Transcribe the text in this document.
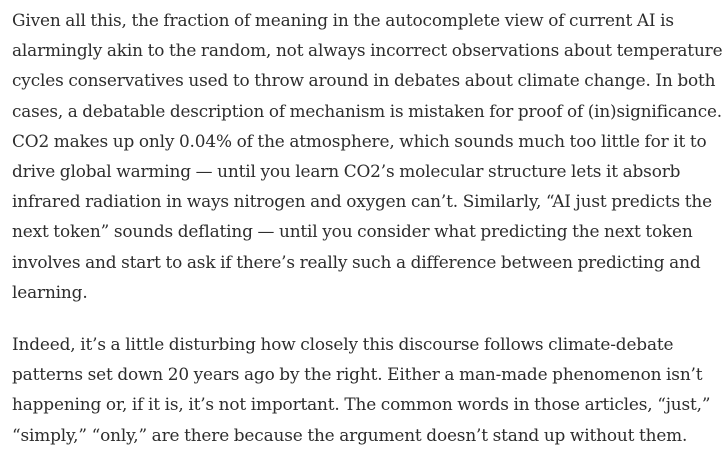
Given all this, the fraction of meaning in the autocomplete view of current AI is
alarmingly akin to the random, not always incorrect observations about temperature
cycles conservatives used to throw around in debates about climate change. In both
cases, a debatable description of mechanism is mistaken for proof of (in)significance.
CO2 makes up only 0.04% of the atmosphere, which sounds much too little for it to
drive global warming — until you learn CO2’s molecular structure lets it absorb
infrared radiation in ways nitrogen and oxygen can’t. Similarly, “AI just predicts the
next token” sounds deflating — until you consider what predicting the next token
involves and start to ask if there’s really such a difference between predicting and
learning.

Indeed, it’s a little disturbing how closely this discourse follows climate-debate
patterns set down 20 years ago by the right. Either a man-made phenomenon isn’t
happening or, if it is, it’s not important. The common words in those articles, “just,”
“simply,” “only,” are there because the argument doesn’t stand up without them.
